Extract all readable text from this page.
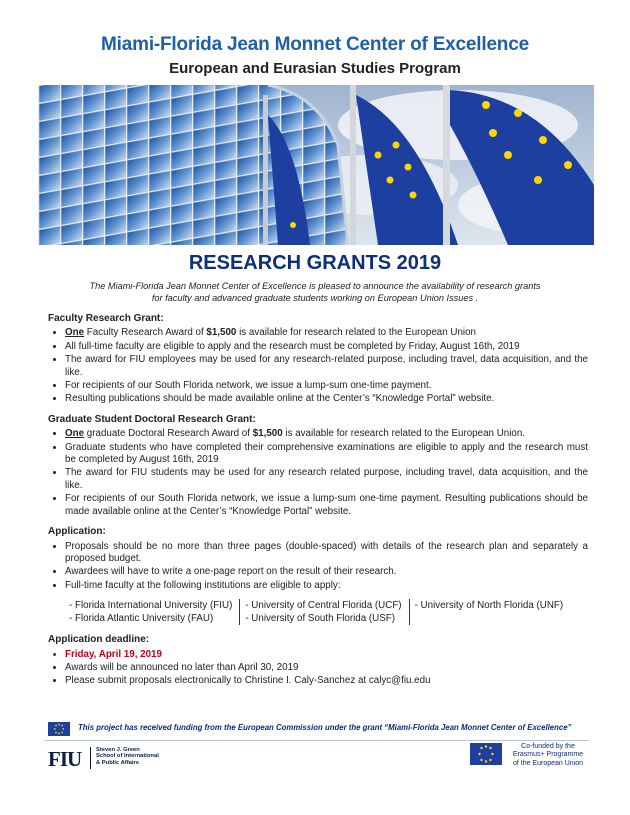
Miami-Florida Jean Monnet Center of Excellence
European and Eurasian Studies Program
RESEARCH GRANTS 2019
The Miami-Florida Jean Monnet Center of Excellence is pleased to announce the availability of research grants
for faculty and advanced graduate students working on European Union Issues .

Faculty Research Grant:

• One Faculty Research Award of $1,500 is available for research related to the European Union
• All full-time faculty are eligible to apply and the research must be completed by Friday, August 16th, 2019
• The award for FIU employees may be used for any research-related purpose, including travel, data acquisition, and the like.
• For recipients of our South Florida network, we issue a lump-sum one-time payment.
• Resulting publications should be made available online at the Center’s “Knowledge Portal” website.

Graduate Student Doctoral Research Grant:

• One graduate Doctoral Research Award of $1,500 is available for research related to the European Union.
• Graduate students who have completed their comprehensive examinations are eligible to apply and the research must be completed by August 16th, 2019
• The award for FIU students may be used for any research related purpose, including travel, data acquisition, and the like.
• For recipients of our South Florida network, we issue a lump-sum one-time payment. Resulting publications should be made available online at the Center’s “Knowledge Portal” website.

Application:

• Proposals should be no more than three pages (double-spaced) with details of the research plan and separately a proposed budget.
• Awardees will have to write a one-page report on the result of their research.
• Full-time faculty at the following institutions are eligible to apply:
- Florida International University (FIU)
- Florida Atlantic University (FAU)
- University of Central Florida (UCF)
- University of South Florida (USF)
- University of North Florida (UNF)

Application deadline:

• Friday, April 19, 2019
• Awards will be announced no later than April 30, 2019
• Please submit proposals electronically to Christine I. Caly-Sanchez at calyc@fiu.edu
This project has received funding from the European Commission under the grant “Miami-Florida Jean Monnet Center of Excellence”
FIU	Steven J. Green
School of International
& Public Affairs
Co-funded by the
Erasmus+ Programme
of the European Union
